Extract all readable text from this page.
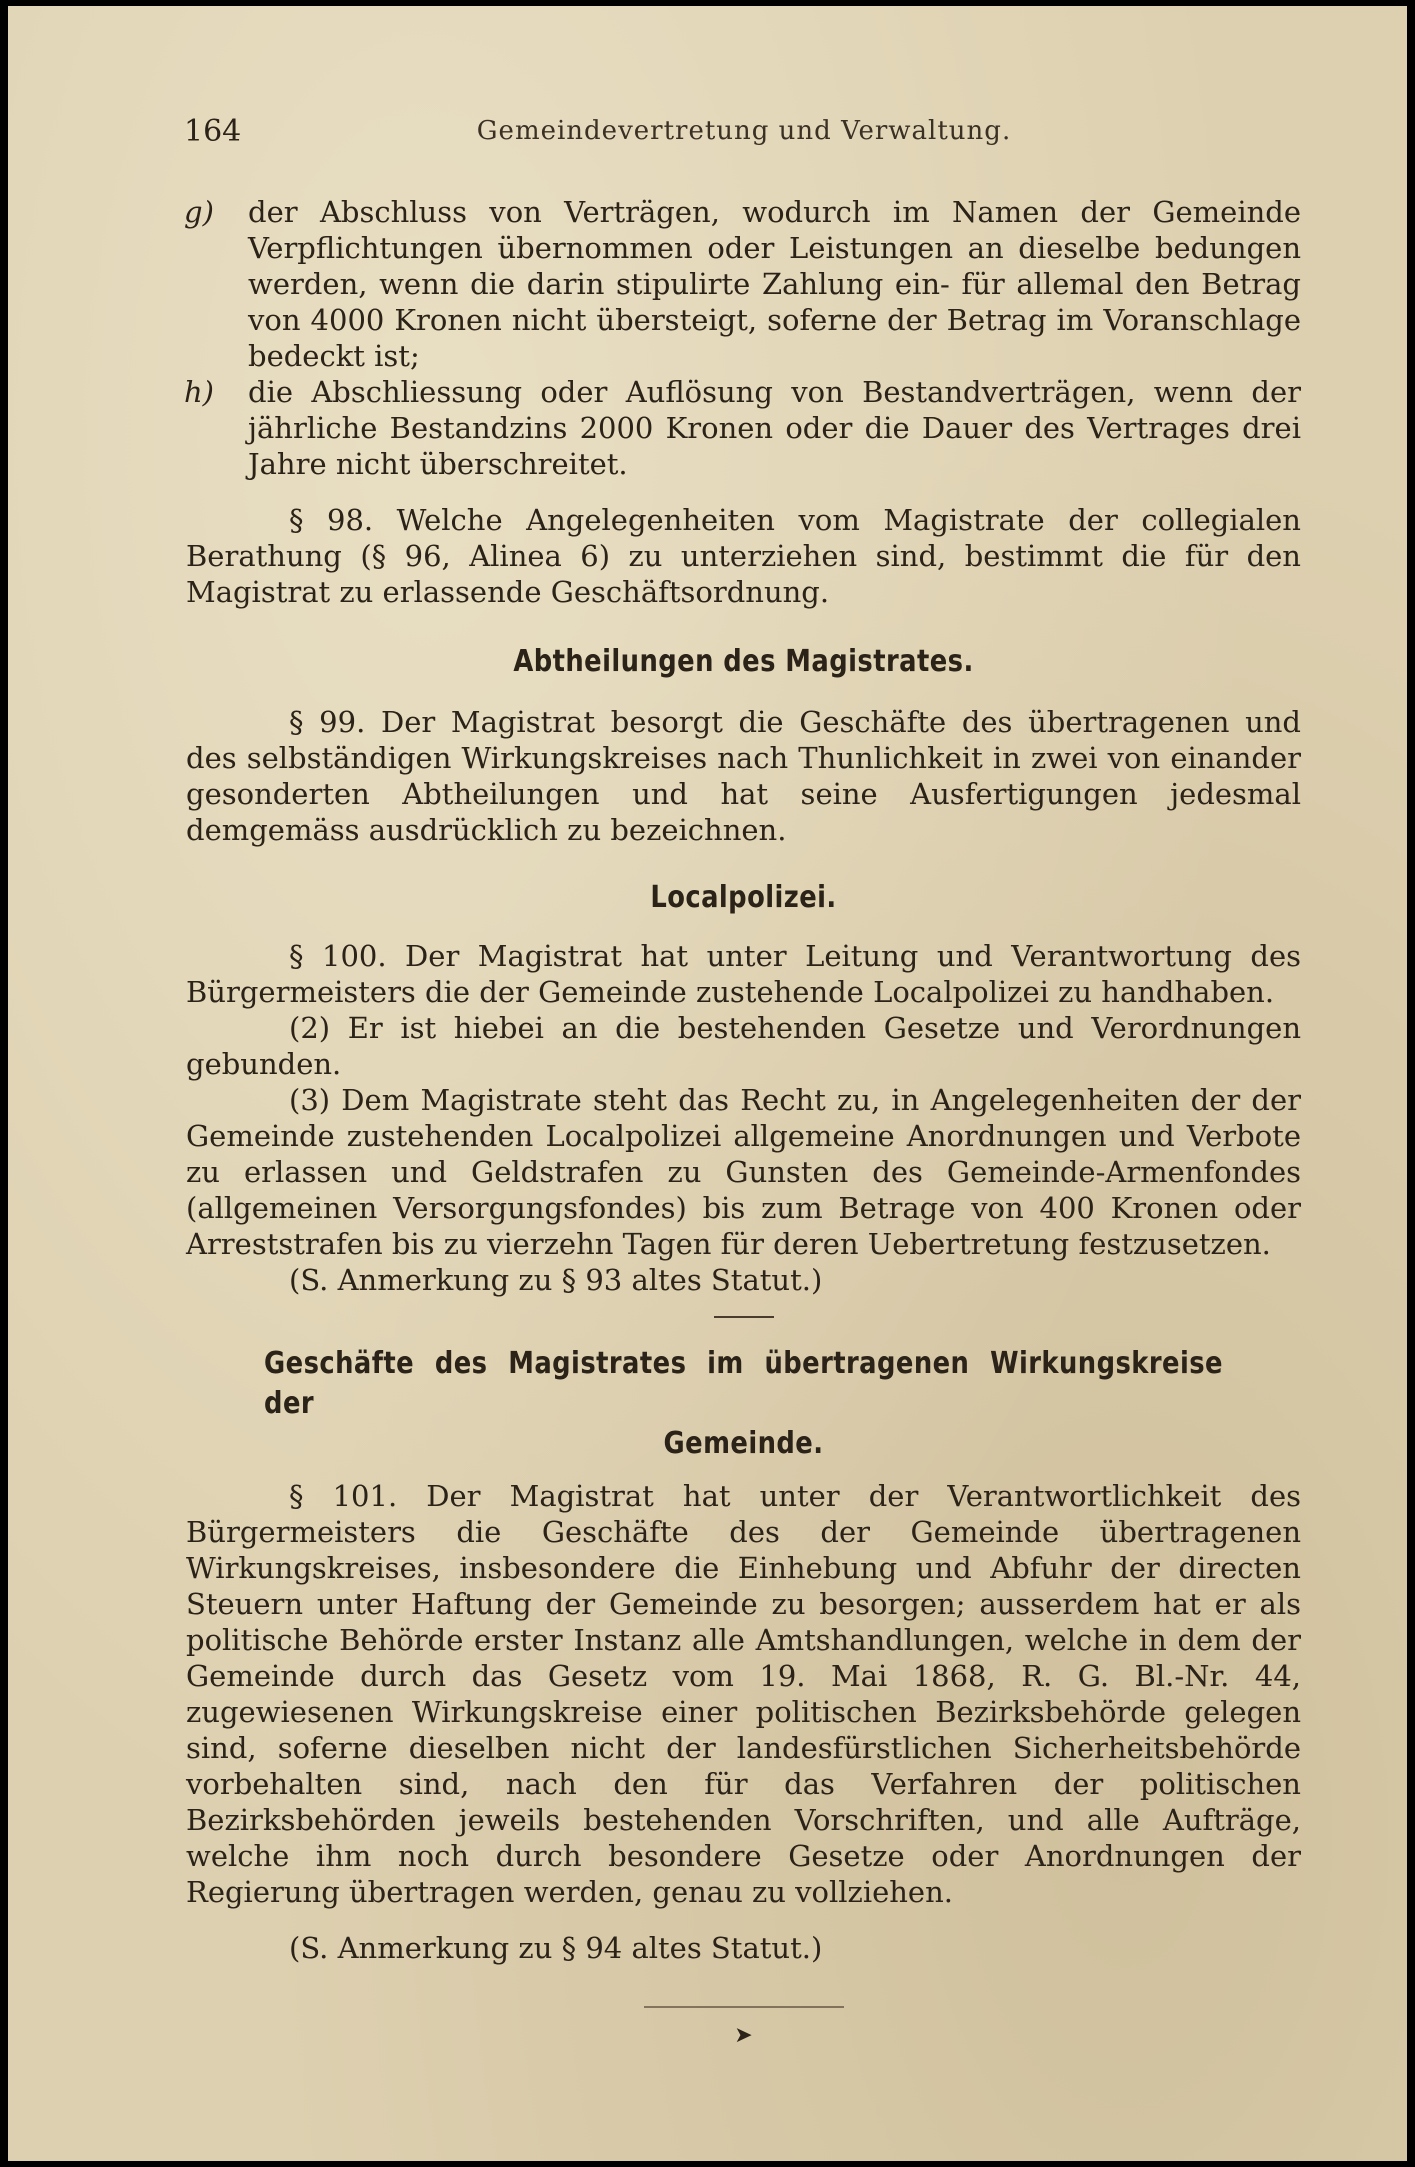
164	Gemeindevertretung und Verwaltung.
g) der Abschluss von Verträgen, wodurch im Namen der Gemeinde Verpflichtungen übernommen oder Leistungen an dieselbe bedungen werden, wenn die darin stipulirte Zahlung ein- für allemal den Betrag von 4000 Kronen nicht übersteigt, soferne der Betrag im Voranschlage bedeckt ist;

h) die Abschliessung oder Auflösung von Bestandverträgen, wenn der jährliche Bestandzins 2000 Kronen oder die Dauer des Vertrages drei Jahre nicht überschreitet.

§ 98. Welche Angelegenheiten vom Magistrate der collegialen Berathung (§ 96, Alinea 6) zu unterziehen sind, bestimmt die für den Magistrat zu erlassende Geschäftsordnung.

Abtheilungen des Magistrates.

§ 99. Der Magistrat besorgt die Geschäfte des übertragenen und des selbständigen Wirkungskreises nach Thunlichkeit in zwei von einander gesonderten Abtheilungen und hat seine Ausfertigungen jedesmal demgemäss ausdrücklich zu bezeichnen.

Localpolizei.

§ 100. Der Magistrat hat unter Leitung und Verantwortung des Bürgermeisters die der Gemeinde zustehende Localpolizei zu handhaben.

(2) Er ist hiebei an die bestehenden Gesetze und Verordnungen gebunden.

(3) Dem Magistrate steht das Recht zu, in Angelegenheiten der der Gemeinde zustehenden Localpolizei allgemeine Anordnungen und Verbote zu erlassen und Geldstrafen zu Gunsten des Gemeinde-Armenfondes (allgemeinen Versorgungsfondes) bis zum Betrage von 400 Kronen oder Arreststrafen bis zu vierzehn Tagen für deren Uebertretung festzusetzen.

(S. Anmerkung zu § 93 altes Statut.)

Geschäfte des Magistrates im übertragenen Wirkungskreise der
Gemeinde.

§ 101. Der Magistrat hat unter der Verantwortlichkeit des Bürgermeisters die Geschäfte des der Gemeinde übertragenen Wirkungskreises, insbesondere die Einhebung und Abfuhr der directen Steuern unter Haftung der Gemeinde zu besorgen; ausserdem hat er als politische Behörde erster Instanz alle Amtshandlungen, welche in dem der Gemeinde durch das Gesetz vom 19. Mai 1868, R. G. Bl.-Nr. 44, zugewiesenen Wirkungskreise einer politischen Bezirksbehörde gelegen sind, soferne dieselben nicht der landesfürstlichen Sicherheitsbehörde vorbehalten sind, nach den für das Verfahren der politischen Bezirksbehörden jeweils bestehenden Vorschriften, und alle Aufträge, welche ihm noch durch besondere Gesetze oder Anordnungen der Regierung übertragen werden, genau zu vollziehen.

(S. Anmerkung zu § 94 altes Statut.)

➤
